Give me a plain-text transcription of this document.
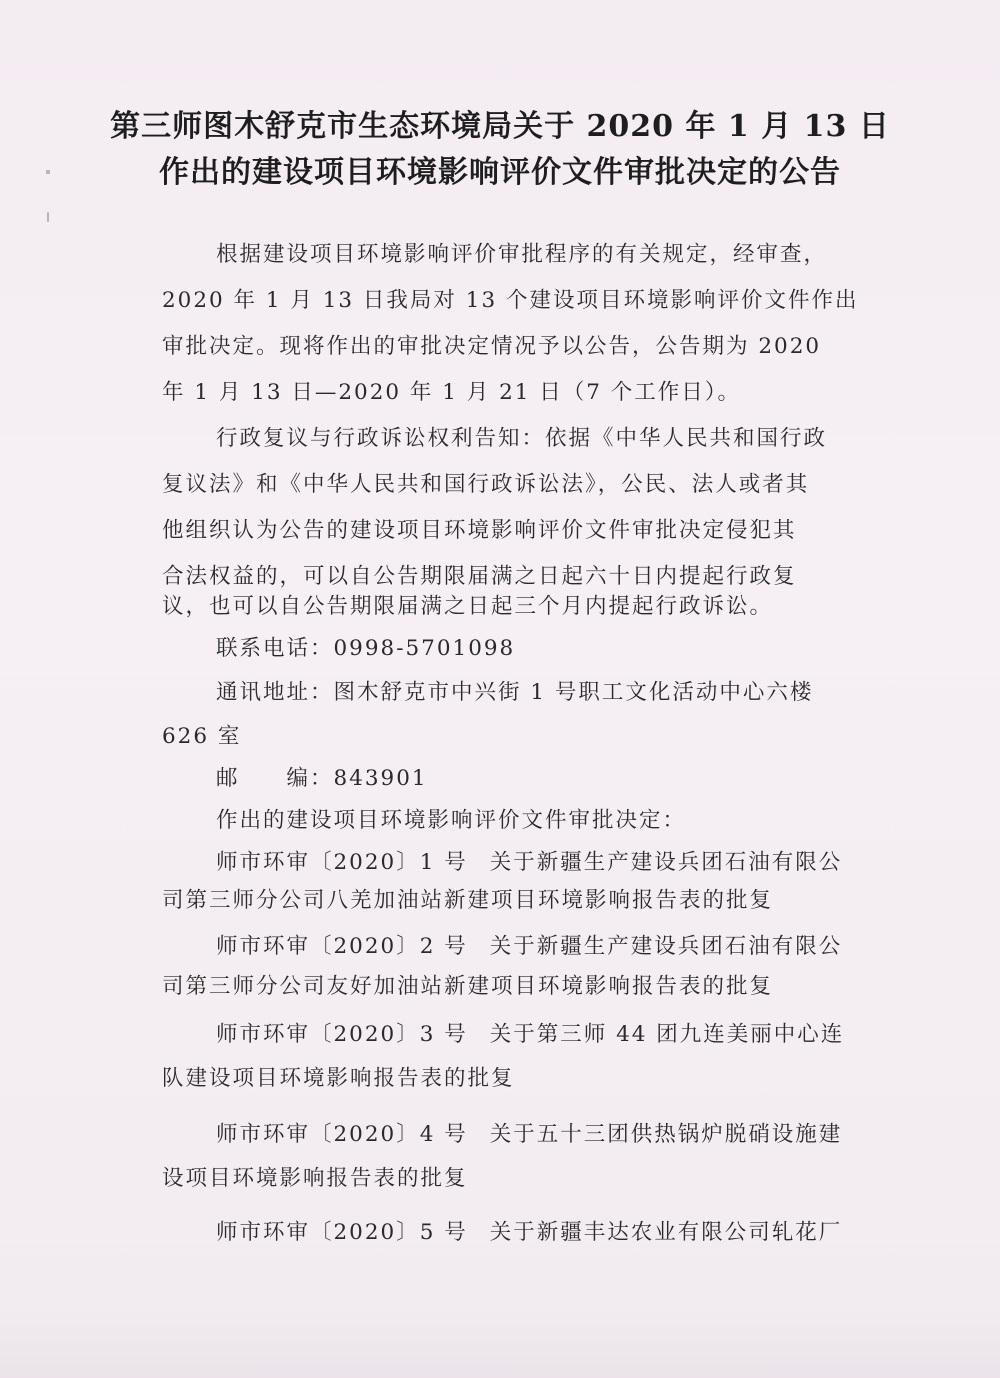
第三师图木舒克市生态环境局关于 2020 年 1 月 13 日
作出的建设项目环境影响评价文件审批决定的公告
根据建设项目环境影响评价审批程序的有关规定，经审查，
2020 年 1 月 13 日我局对 13 个建设项目环境影响评价文件作出
审批决定。现将作出的审批决定情况予以公告，公告期为 2020
年 1 月 13 日—2020 年 1 月 21 日（7 个工作日）。
行政复议与行政诉讼权利告知：依据《中华人民共和国行政
复议法》和《中华人民共和国行政诉讼法》，公民、法人或者其
他组织认为公告的建设项目环境影响评价文件审批决定侵犯其
合法权益的，可以自公告期限届满之日起六十日内提起行政复
议，也可以自公告期限届满之日起三个月内提起行政诉讼。
联系电话：0998-5701098
通讯地址：图木舒克市中兴街 1 号职工文化活动中心六楼
626 室
邮　　编：843901
作出的建设项目环境影响评价文件审批决定：
师市环审〔2020〕1 号 关于新疆生产建设兵团石油有限公
司第三师分公司八羌加油站新建项目环境影响报告表的批复
师市环审〔2020〕2 号 关于新疆生产建设兵团石油有限公
司第三师分公司友好加油站新建项目环境影响报告表的批复
师市环审〔2020〕3 号 关于第三师 44 团九连美丽中心连
队建设项目环境影响报告表的批复
师市环审〔2020〕4 号 关于五十三团供热锅炉脱硝设施建
设项目环境影响报告表的批复
师市环审〔2020〕5 号 关于新疆丰达农业有限公司轧花厂
